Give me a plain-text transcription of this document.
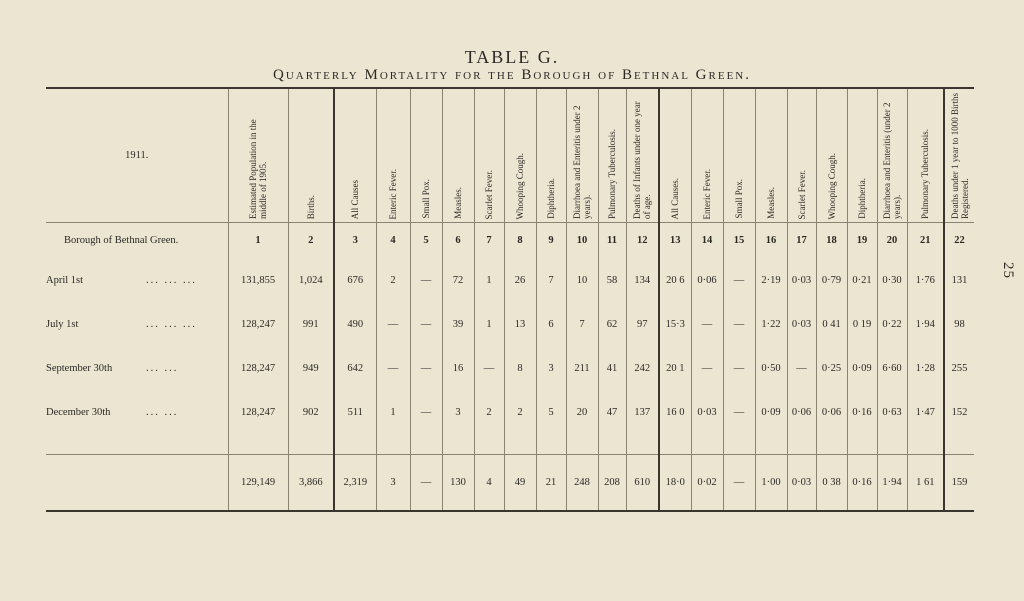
25
TABLE G.
Quarterly Mortality for the Borough of Bethnal Green.
1911.	Estimated Population in the middle of 1905.	Births.	All Causes	Enteric Fever.	Small Pox.	Measles.	Scarlet Fever.	Whooping Cough.	Diphtheria.	Diarrhoea and Enteritis under 2 years).	Pulmonary Tuberculosis.	Deaths of Infants under one year of age.	All Causes.	Enteric Fever.	Small Pox.	Measles.	Scarlet Fever.	Whooping Cough.	Diphtheria.	Diarrhoea and Enteritis (under 2 years).	Pulmonary Tuberculosis.	Deaths under 1 year to 1000 Births Registered.
Borough of Bethnal Green.	1	2	3	4	5	6	7	8	9	10	11	12	13	14	15	16	17	18	19	20	21	22
April 1st ... ... ...	131,855	1,024	676	2	—	72	1	26	7	10	58	134	20 6	0·06	—	2·19	0·03	0·79	0·21	0·30	1·76	131
July 1st ... ... ...	128,247	991	490	—	—	39	1	13	6	7	62	97	15·3	—	—	1·22	0·03	0 41	0 19	0·22	1·94	98
September 30th ... ...	128,247	949	642	—	—	16	—	8	3	211	41	242	20 1	—	—	0·50	—	0·25	0·09	6·60	1·28	255
December 30th ... ...	128,247	902	511	1	—	3	2	2	5	20	47	137	16 0	0·03	—	0·09	0·06	0·06	0·16	0·63	1·47	152

	129,149	3,866	2,319	3	—	130	4	49	21	248	208	610	18·0	0·02	—	1·00	0·03	0 38	0·16	1·94	1 61	159
